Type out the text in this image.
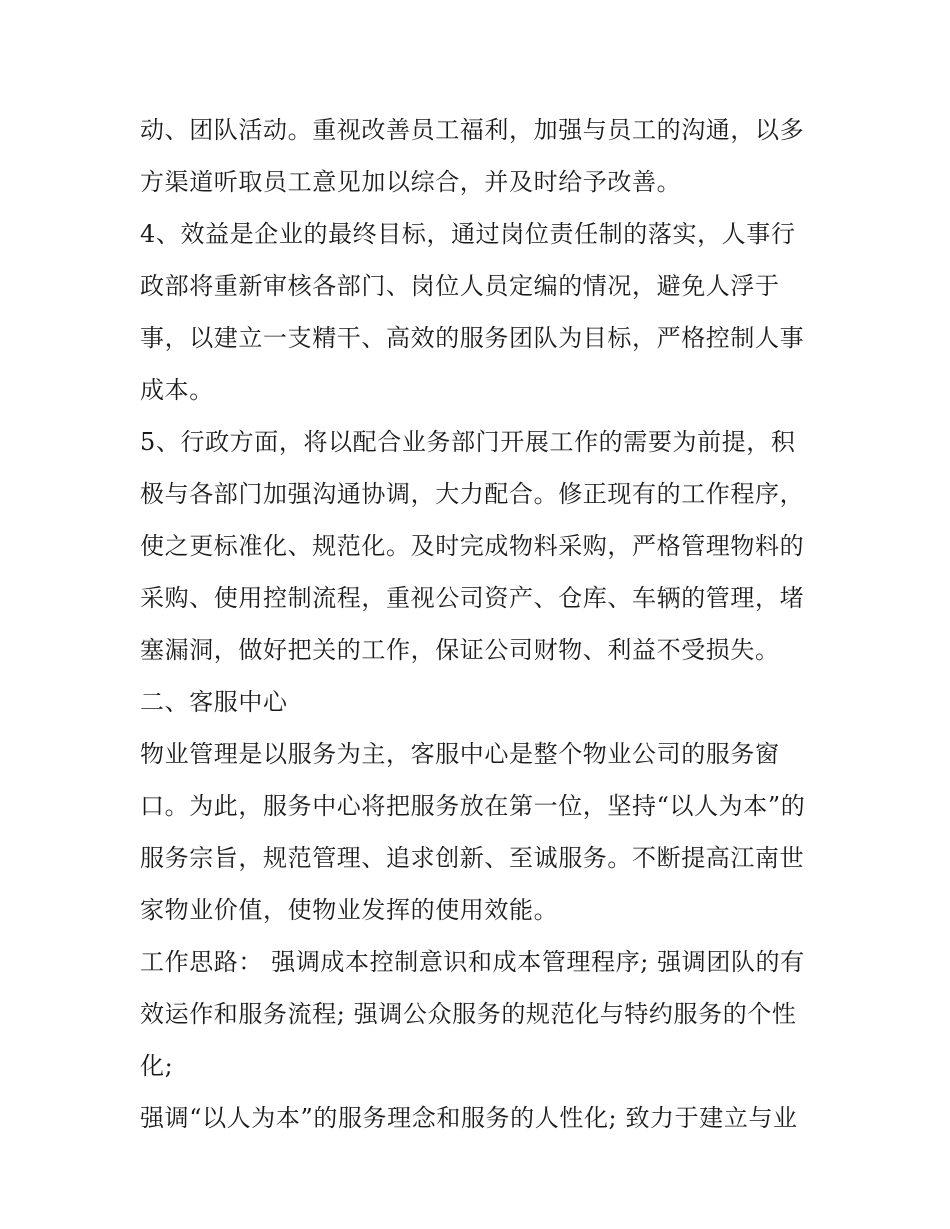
动、团队活动。重视改善员工福利，加强与员工的沟通，以多
方渠道听取员工意见加以综合，并及时给予改善。
4、效益是企业的最终目标，通过岗位责任制的落实，人事行
政部将重新审核各部门、岗位人员定编的情况，避免人浮于
事，以建立一支精干、高效的服务团队为目标，严格控制人事
成本。
5、行政方面，将以配合业务部门开展工作的需要为前提，积
极与各部门加强沟通协调，大力配合。修正现有的工作程序，
使之更标准化、规范化。及时完成物料采购，严格管理物料的
采购、使用控制流程，重视公司资产、仓库、车辆的管理，堵
塞漏洞，做好把关的工作，保证公司财物、利益不受损失。
二、客服中心
物业管理是以服务为主，客服中心是整个物业公司的服务窗
口。为此，服务中心将把服务放在第一位，坚持“以人为本”的
服务宗旨，规范管理、追求创新、至诚服务。不断提高江南世
家物业价值，使物业发挥的使用效能。
工作思路： 强调成本控制意识和成本管理程序; 强调团队的有
效运作和服务流程; 强调公众服务的规范化与特约服务的个性
化;
强调“以人为本”的服务理念和服务的人性化; 致力于建立与业
